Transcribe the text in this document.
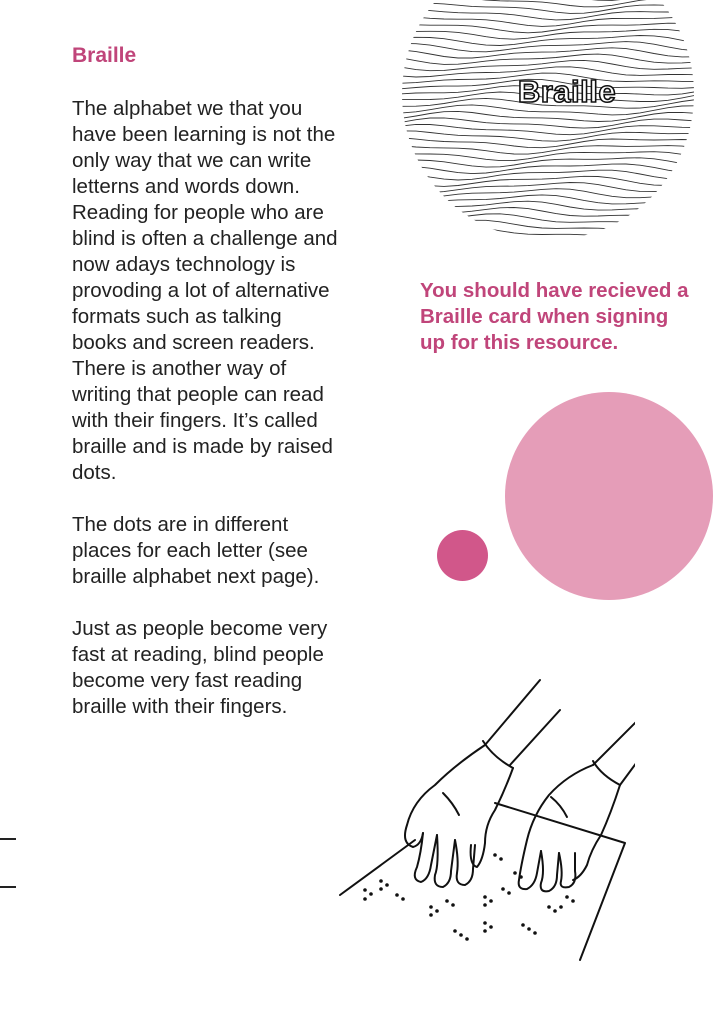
Braille

The alphabet we that you have been learning is not the only way that we can write letterns and words down. Reading for people who are blind is often a challenge and now adays technology is provoding a lot of alternative formats such as talking books and screen readers. There is another way of writing that people can read with their fingers. It’s called braille and is made by raised dots.

The dots are in different places for each letter (see braille alphabet next page).

Just as people become very fast at reading, blind people become very fast reading braille with their fingers.

Braille

You should have recieved a Braille card when signing up for this resource.
